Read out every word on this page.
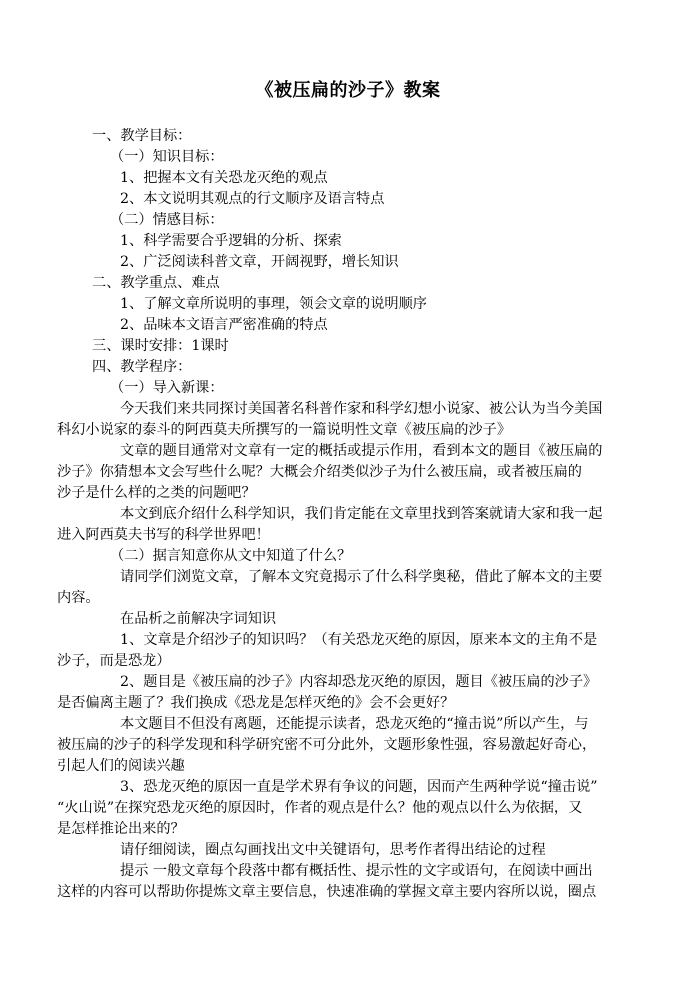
《被压扁的沙子》教案
一、教学目标：
（一）知识目标：
1、把握本文有关恐龙灭绝的观点
2、本文说明其观点的行文顺序及语言特点
（二）情感目标：
1、科学需要合乎逻辑的分析、探索
2、广泛阅读科普文章，开阔视野，增长知识
二、教学重点、难点
1、了解文章所说明的事理，领会文章的说明顺序
2、品味本文语言严密准确的特点
三、课时安排：1课时
四、教学程序：
（一）导入新课：
今天我们来共同探讨美国著名科普作家和科学幻想小说家、被公认为当今美国
科幻小说家的泰斗的阿西莫夫所撰写的一篇说明性文章《被压扁的沙子》
文章的题目通常对文章有一定的概括或提示作用，看到本文的题目《被压扁的
沙子》你猜想本文会写些什么呢？大概会介绍类似沙子为什么被压扁，或者被压扁的
沙子是什么样的之类的问题吧？
本文到底介绍什么科学知识，我们肯定能在文章里找到答案就请大家和我一起
进入阿西莫夫书写的科学世界吧！
（二）据言知意你从文中知道了什么？
请同学们浏览文章，了解本文究竟揭示了什么科学奥秘，借此了解本文的主要
内容。
在品析之前解决字词知识
1、文章是介绍沙子的知识吗？（有关恐龙灭绝的原因，原来本文的主角不是
沙子，而是恐龙）
2、题目是《被压扁的沙子》内容却恐龙灭绝的原因，题目《被压扁的沙子》
是否偏离主题了？我们换成《恐龙是怎样灭绝的》会不会更好？
本文题目不但没有离题，还能提示读者，恐龙灭绝的“撞击说”所以产生，与
被压扁的沙子的科学发现和科学研究密不可分此外，文题形象性强，容易激起好奇心，
引起人们的阅读兴趣
3、恐龙灭绝的原因一直是学术界有争议的问题，因而产生两种学说“撞击说”
“火山说”在探究恐龙灭绝的原因时，作者的观点是什么？他的观点以什么为依据，又
是怎样推论出来的？
请仔细阅读，圈点勾画找出文中关键语句，思考作者得出结论的过程
提示 一般文章每个段落中都有概括性、提示性的文字或语句，在阅读中画出
这样的内容可以帮助你提炼文章主要信息，快速准确的掌握文章主要内容所以说，圈点
